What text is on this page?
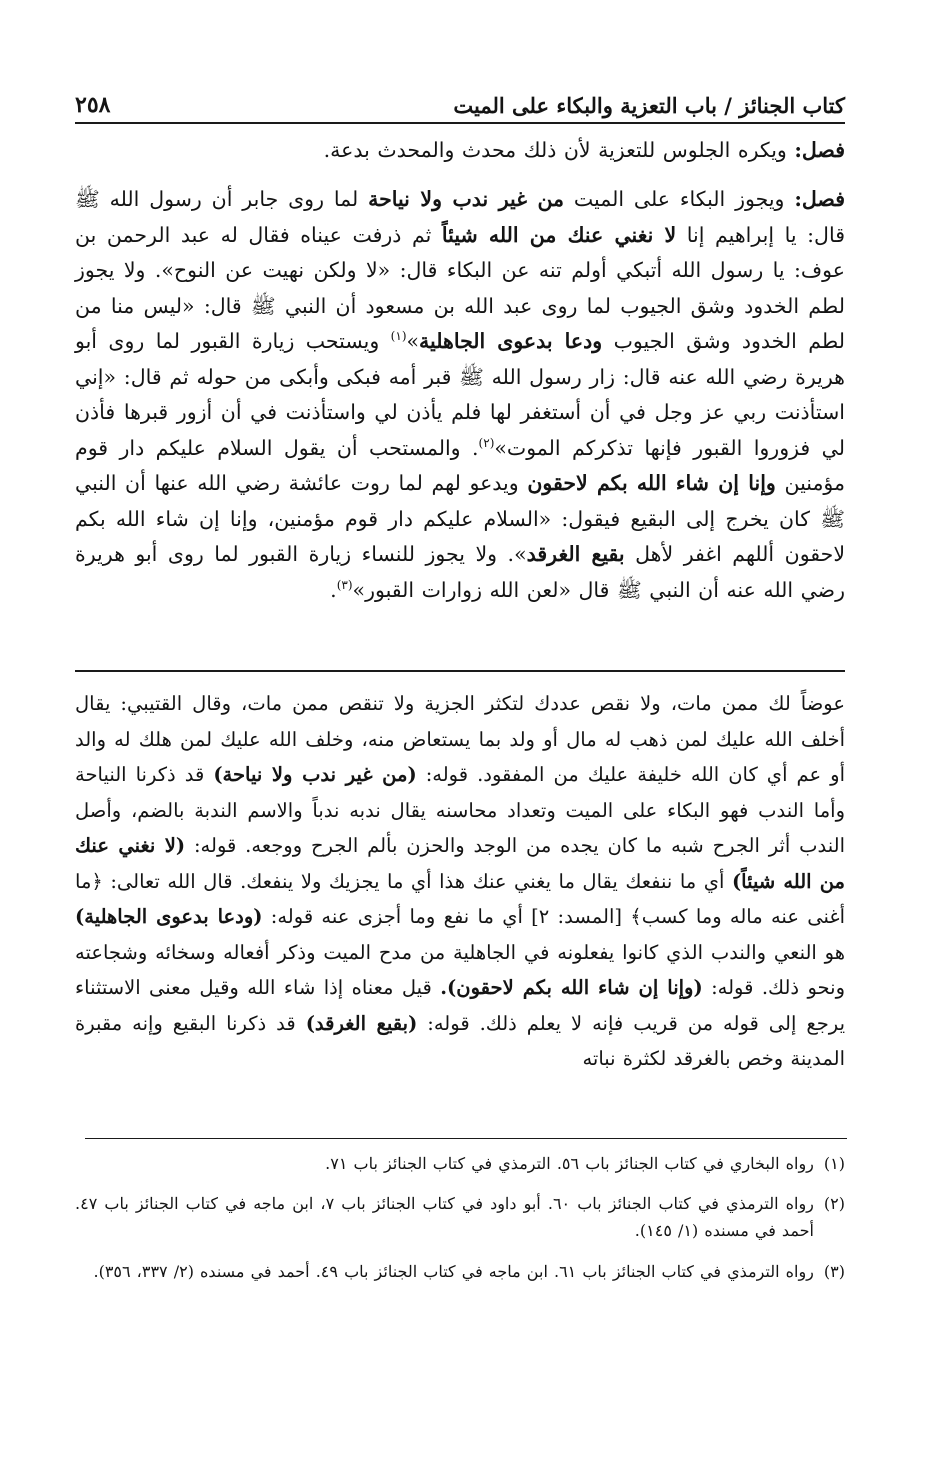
كتاب الجنائز / باب التعزية والبكاء على الميت
٢٥٨

فصل: ويكره الجلوس للتعزية لأن ذلك محدث والمحدث بدعة.

فصل: ويجوز البكاء على الميت من غير ندب ولا نياحة لما روى جابر أن رسول الله ﷺ قال: يا إبراهيم إنا لا نغني عنك من الله شيئاً ثم ذرفت عيناه فقال له عبد الرحمن بن عوف: يا رسول الله أتبكي أولم تنه عن البكاء قال: «لا ولكن نهيت عن النوح». ولا يجوز لطم الخدود وشق الجيوب لما روى عبد الله بن مسعود أن النبي ﷺ قال: «ليس منا من لطم الخدود وشق الجيوب ودعا بدعوى الجاهلية»$^{(١)}$ ويستحب زيارة القبور لما روى أبو هريرة رضي الله عنه قال: زار رسول الله ﷺ قبر أمه فبكى وأبكى من حوله ثم قال: «إني استأذنت ربي عز وجل في أن أستغفر لها فلم يأذن لي واستأذنت في أن أزور قبرها فأذن لي فزوروا القبور فإنها تذكركم الموت»$^{(٢)}$. والمستحب أن يقول السلام عليكم دار قوم مؤمنين وإنا إن شاء الله بكم لاحقون ويدعو لهم لما روت عائشة رضي الله عنها أن النبي ﷺ كان يخرج إلى البقيع فيقول: «السلام عليكم دار قوم مؤمنين، وإنا إن شاء الله بكم لاحقون أللهم اغفر لأهل بقيع الغرقد». ولا يجوز للنساء زيارة القبور لما روى أبو هريرة رضي الله عنه أن النبي ﷺ قال «لعن الله زوارات القبور»$^{(٣)}$.

عوضاً لك ممن مات، ولا نقص عددك لتكثر الجزية ولا تنقص ممن مات، وقال القتيبي: يقال أخلف الله عليك لمن ذهب له مال أو ولد بما يستعاض منه، وخلف الله عليك لمن هلك له والد أو عم أي كان الله خليفة عليك من المفقود. قوله: (من غير ندب ولا نياحة) قد ذكرنا النياحة وأما الندب فهو البكاء على الميت وتعداد محاسنه يقال ندبه ندباً والاسم الندبة بالضم، وأصل الندب أثر الجرح شبه ما كان يجده من الوجد والحزن بألم الجرح ووجعه. قوله: (لا نغني عنك من الله شيئاً) أي ما ننفعك يقال ما يغني عنك هذا أي ما يجزيك ولا ينفعك. قال الله تعالى: ﴿ما أغنى عنه ماله وما كسب﴾ [المسد: ٢] أي ما نفع وما أجزى عنه قوله: (ودعا بدعوى الجاهلية) هو النعي والندب الذي كانوا يفعلونه في الجاهلية من مدح الميت وذكر أفعاله وسخائه وشجاعته ونحو ذلك. قوله: (وإنا إن شاء الله بكم لاحقون). قيل معناه إذا شاء الله وقيل معنى الاستثناء يرجع إلى قوله من قريب فإنه لا يعلم ذلك. قوله: (بقيع الغرقد) قد ذكرنا البقيع وإنه مقبرة المدينة وخص بالغرقد لكثرة نباته

(١)
رواه البخاري في كتاب الجنائز باب ٥٦. الترمذي في كتاب الجنائز باب ٧١.
(٢)
رواه الترمذي في كتاب الجنائز باب ٦٠. أبو داود في كتاب الجنائز باب ٧، ابن ماجه في كتاب الجنائز باب ٤٧. أحمد في مسنده (١/ ١٤٥).
(٣)
رواه الترمذي في كتاب الجنائز باب ٦١. ابن ماجه في كتاب الجنائز باب ٤٩. أحمد في مسنده (٢/ ٣٣٧، ٣٥٦).
